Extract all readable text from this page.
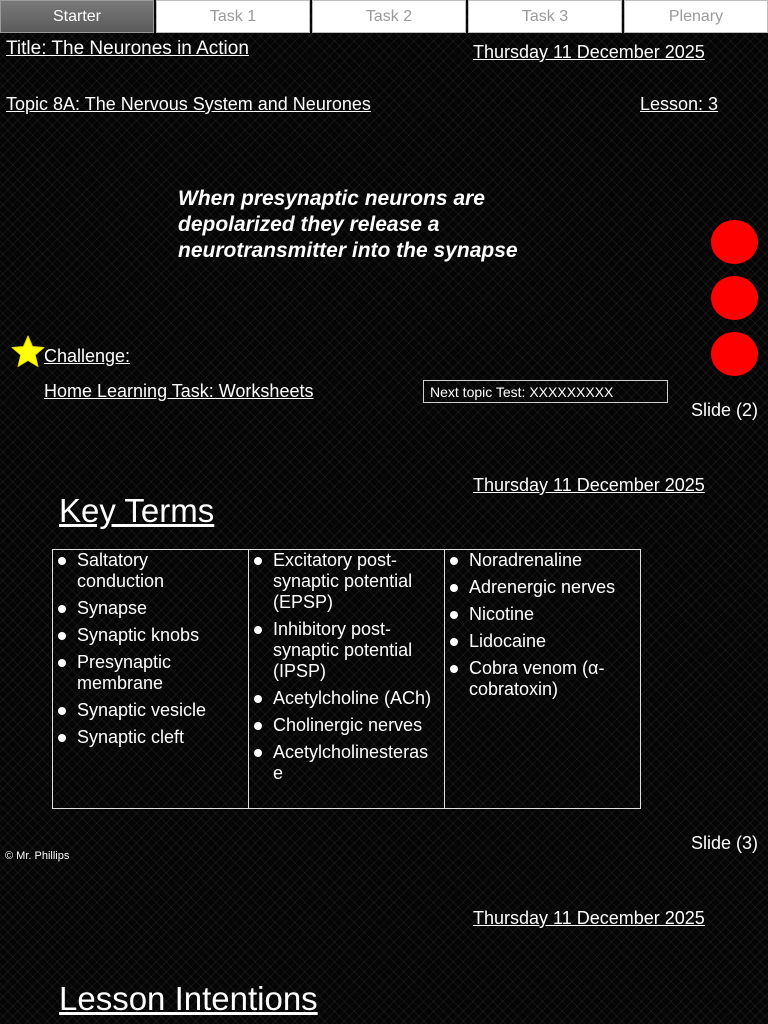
Starter	Task 1	Task 2	Task 3	Plenary
Title: The Neurones in Action	Thursday 11 December 2025
Topic 8A: The Nervous System and Neurones	Lesson: 3
When presynaptic neurons are depolarized they release a neurotransmitter into the synapse
Challenge:
Home Learning Task: Worksheets	Next topic Test: XXXXXXXXX
Slide (2)
Thursday 11 December 2025
Key Terms
Saltatory conduction
Synapse
Synaptic knobs
Presynaptic membrane
Synaptic vesicle
Synaptic cleft

Excitatory post-synaptic potential (EPSP)
Inhibitory post-synaptic potential (IPSP)
Acetylcholine (ACh)
Cholinergic nerves
Acetylcholinesterase

Noradrenaline
Adrenergic nerves
Nicotine
Lidocaine
Cobra venom (α-cobratoxin)
Slide (3)
© Mr. Phillips
Thursday 11 December 2025
Lesson Intentions
